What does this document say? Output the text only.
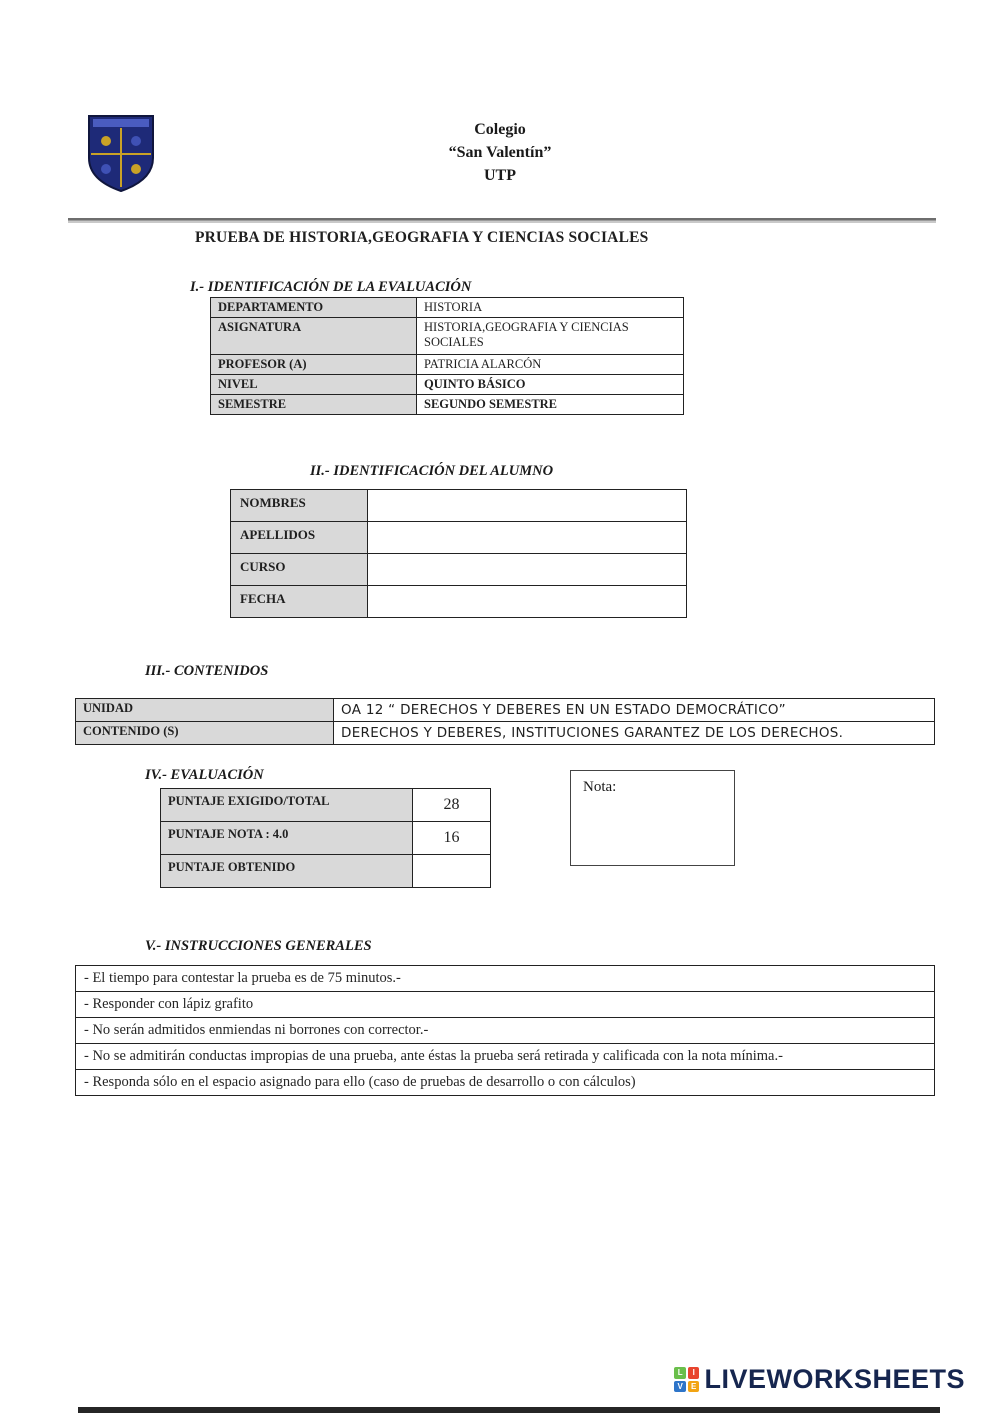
Colegio
“San Valentín”
UTP
PRUEBA DE HISTORIA,GEOGRAFIA Y CIENCIAS SOCIALES
I.- IDENTIFICACIÓN DE LA EVALUACIÓN
DEPARTAMENTO	HISTORIA
ASIGNATURA	HISTORIA,GEOGRAFIA Y CIENCIAS SOCIALES
PROFESOR (A)	PATRICIA ALARCÓN
NIVEL	QUINTO BÁSICO
SEMESTRE	SEGUNDO SEMESTRE
II.- IDENTIFICACIÓN DEL ALUMNO
NOMBRES	
APELLIDOS	
CURSO	
FECHA	
III.- CONTENIDOS
UNIDAD	OA 12 “ DERECHOS Y DEBERES EN UN ESTADO DEMOCRÁTICO”
CONTENIDO (S)	DERECHOS Y DEBERES, INSTITUCIONES GARANTEZ DE LOS DERECHOS.
IV.- EVALUACIÓN
PUNTAJE EXIGIDO/TOTAL	28
PUNTAJE NOTA : 4.0	16
PUNTAJE OBTENIDO	
Nota:
V.- INSTRUCCIONES GENERALES
- El tiempo para contestar la prueba es de 75 minutos.-
- Responder con lápiz grafito
- No serán admitidos enmiendas ni borrones con corrector.-
- No se admitirán conductas impropias de una prueba, ante éstas la prueba será retirada y calificada con la nota mínima.-
- Responda sólo en el espacio asignado para ello (caso de pruebas de desarrollo o con cálculos)
L	I
V	E LIVEWORKSHEETS
